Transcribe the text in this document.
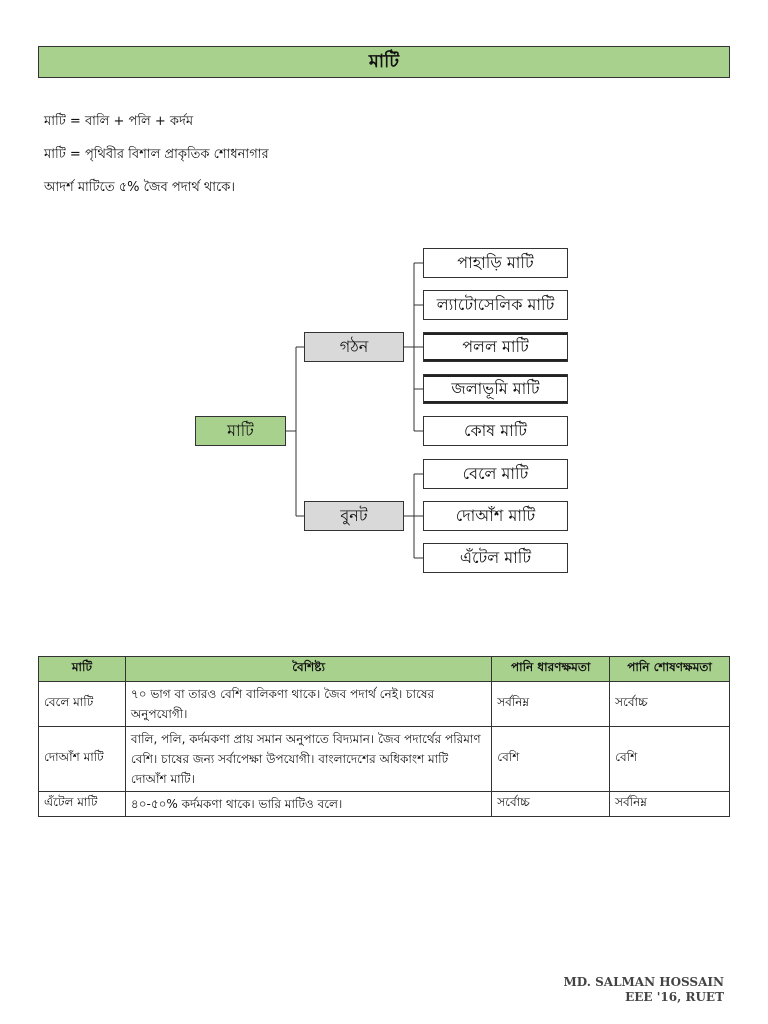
মাটি
মাটি = বালি + পলি + কর্দম
মাটি = পৃথিবীর বিশাল প্রাকৃতিক শোধনাগার
আদর্শ মাটিতে ৫% জৈব পদার্থ থাকে।
মাটি
গঠন
বুনট
পাহাড়ি মাটি
ল্যাটোসেলিক মাটি
পলল মাটি
জলাভূমি মাটি
কোষ মাটি
বেলে মাটি
দোআঁশ মাটি
এঁটেল মাটি
মাটি	বৈশিষ্ট্য	পানি ধারণক্ষমতা	পানি শোষণক্ষমতা
বেলে মাটি	৭০ ভাগ বা তারও বেশি বালিকণা থাকে। জৈব পদার্থ নেই। চাষের অনুপযোগী।	সর্বনিম্ন	সর্বোচ্চ
দোআঁশ মাটি	বালি, পলি, কর্দমকণা প্রায় সমান অনুপাতে বিদ্যমান। জৈব পদার্থের পরিমাণ বেশি। চাষের জন্য সর্বাপেক্ষা উপযোগী। বাংলাদেশের অধিকাংশ মাটি দোআঁশ মাটি।	বেশি	বেশি
এঁটেল মাটি	৪০-৫০% কর্দমকণা থাকে। ভারি মাটিও বলে।	সর্বোচ্চ	সর্বনিম্ন
MD. SALMAN HOSSAIN
EEE '16, RUET
